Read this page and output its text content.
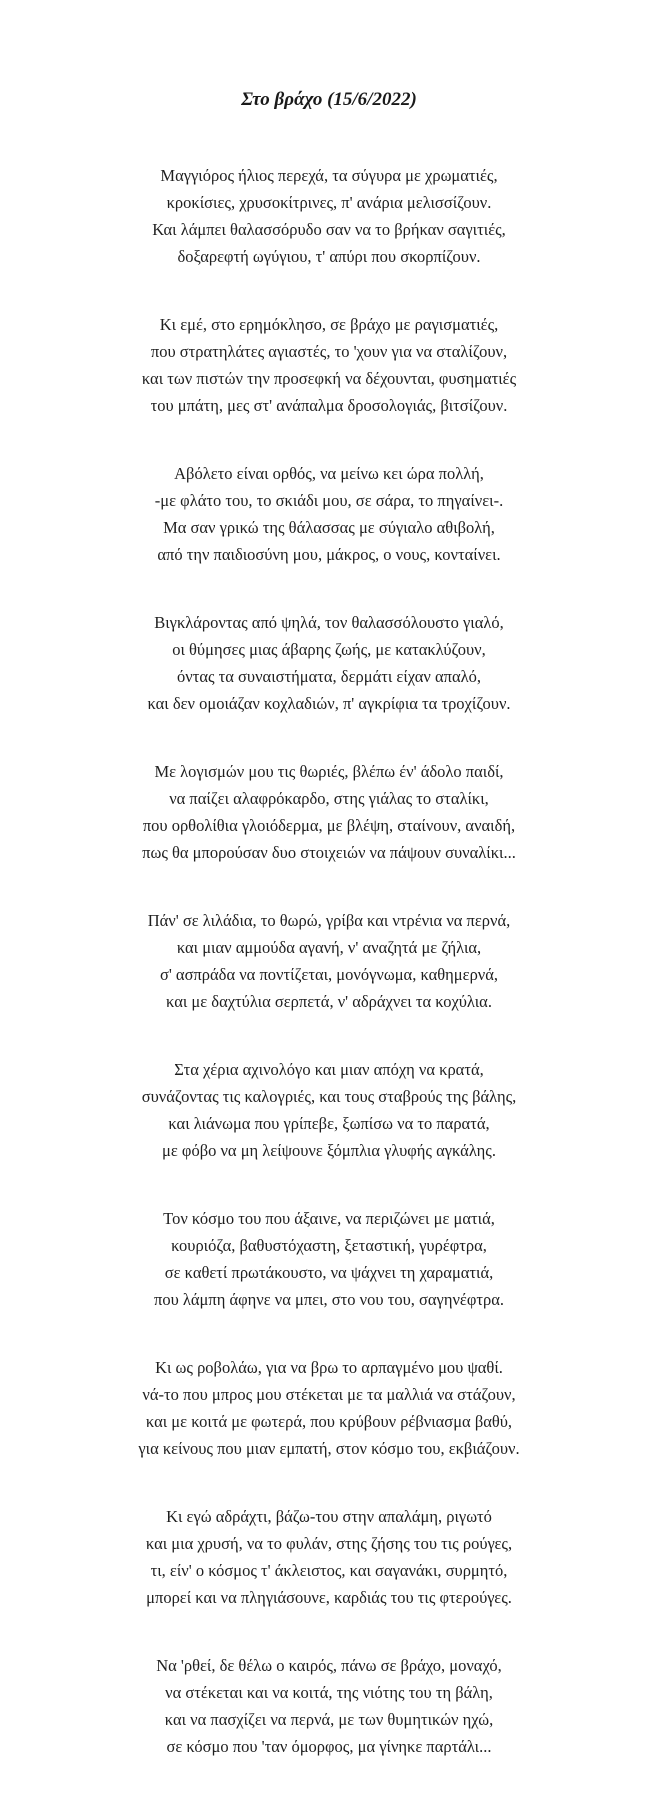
Στο βράχο (15/6/2022)
Μαγγιόρος ήλιος περεχά, τα σύγυρα με χρωματιές,
κροκίσιες, χρυσοκίτρινες, π' ανάρια μελισσίζουν.
Και λάμπει θαλασσόρυδο σαν να το βρήκαν σαγιτιές,
δοξαρεφτή ωγύγιου, τ' απύρι που σκορπίζουν.
Κι εμέ, στο ερημόκλησο, σε βράχο με ραγισματιές,
που στρατηλάτες αγιαστές, το 'χουν για να σταλίζουν,
και των πιστών την προσεφκή να δέχουνται, φυσηματιές
του μπάτη, μες στ' ανάπαλμα δροσολογιάς, βιτσίζουν.
Αβόλετο είναι ορθός, να μείνω κει ώρα πολλή,
-με φλάτο του, το σκιάδι μου, σε σάρα, το πηγαίνει-.
Μα σαν γρικώ της θάλασσας με σύγιαλο αθιβολή,
από την παιδιοσύνη μου, μάκρος, ο νους, κονταίνει.
Βιγκλάροντας από ψηλά, τον θαλασσόλουστο γιαλό,
οι θύμησες μιας άβαρης ζωής, με κατακλύζουν,
όντας τα συναιστήματα, δερμάτι είχαν απαλό,
και δεν ομοιάζαν κοχλαδιών, π' αγκρίφια τα τροχίζουν.
Με λογισμών μου τις θωριές, βλέπω έν' άδολο παιδί,
να παίζει αλαφρόκαρδο, στης γιάλας το σταλίκι,
που ορθολίθια γλοιόδερμα, με βλέψη, σταίνουν, αναιδή,
πως θα μπορούσαν δυο στοιχειών να πάψουν συναλίκι...
Πάν' σε λιλάδια, το θωρώ, γρίβα και ντρένια να περνά,
και μιαν αμμούδα αγανή, ν' αναζητά με ζήλια,
σ' ασπράδα να ποντίζεται, μονόγνωμα, καθημερνά,
και με δαχτύλια σερπετά, ν' αδράχνει τα κοχύλια.
Στα χέρια αχινολόγο και μιαν απόχη να κρατά,
συνάζοντας τις καλογριές, και τους σταβρούς της βάλης,
και λιάνωμα που γρίπεβε, ξωπίσω να το παρατά,
με φόβο να μη λείψουνε ξόμπλια γλυφής αγκάλης.
Τον κόσμο του που άξαινε, να περιζώνει με ματιά,
κουριόζα, βαθυστόχαστη, ξεταστική, γυρέφτρα,
σε καθετί πρωτάκουστο, να ψάχνει τη χαραματιά,
που λάμπη άφηνε να μπει, στο νου του, σαγηνέφτρα.
Κι ως ροβολάω, για να βρω το αρπαγμένο μου ψαθί.
νά-το που μπρος μου στέκεται με τα μαλλιά να στάζουν,
και με κοιτά με φωτερά, που κρύβουν ρέβνιασμα βαθύ,
για κείνους που μιαν εμπατή, στον κόσμο του, εκβιάζουν.
Κι εγώ αδράχτι, βάζω-του στην απαλάμη, ριγωτό
και μια χρυσή, να το φυλάν, στης ζήσης του τις ρούγες,
τι, είν' ο κόσμος τ' άκλειστος, και σαγανάκι, συρμητό,
μπορεί και να πληγιάσουνε, καρδιάς του τις φτερούγες.
Να 'ρθεί, δε θέλω ο καιρός, πάνω σε βράχο, μοναχό,
να στέκεται και να κοιτά, της νιότης του τη βάλη,
και να πασχίζει να περνά, με των θυμητικών ηχώ,
σε κόσμο που 'ταν όμορφος, μα γίνηκε παρτάλι...
